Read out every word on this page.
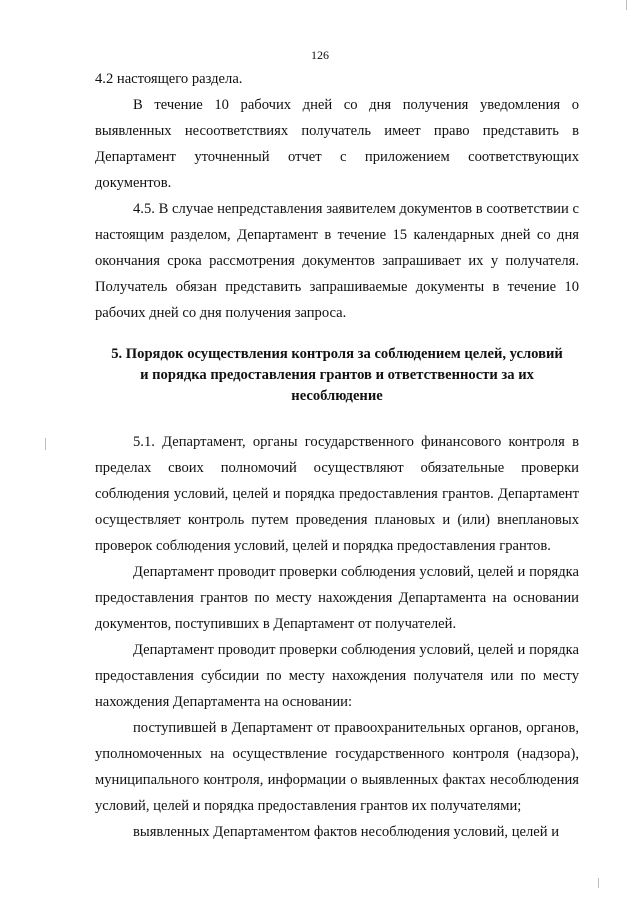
126

4.2 настоящего раздела.

В течение 10 рабочих дней со дня получения уведомления о выявленных несоответствиях получатель имеет право представить в Департамент уточненный отчет с приложением соответствующих документов.

4.5. В случае непредставления заявителем документов в соответствии с настоящим разделом, Департамент в течение 15 календарных дней со дня окончания срока рассмотрения документов запрашивает их у получателя. Получатель обязан представить запрашиваемые документы в течение 10 рабочих дней со дня получения запроса.

5. Порядок осуществления контроля за соблюдением целей, условий
и порядка предоставления грантов и ответственности за их
несоблюдение

5.1. Департамент, органы государственного финансового контроля в пределах своих полномочий осуществляют обязательные проверки соблюдения условий, целей и порядка предоставления грантов. Департамент осуществляет контроль путем проведения плановых и (или) внеплановых проверок соблюдения условий, целей и порядка предоставления грантов.

Департамент проводит проверки соблюдения условий, целей и порядка предоставления грантов по месту нахождения Департамента на основании документов, поступивших в Департамент от получателей.

Департамент проводит проверки соблюдения условий, целей и порядка предоставления субсидии по месту нахождения получателя или по месту нахождения Департамента на основании:

поступившей в Департамент от правоохранительных органов, органов, уполномоченных на осуществление государственного контроля (надзора), муниципального контроля, информации о выявленных фактах несоблюдения условий, целей и порядка предоставления грантов их получателями;

выявленных Департаментом фактов несоблюдения условий, целей и
